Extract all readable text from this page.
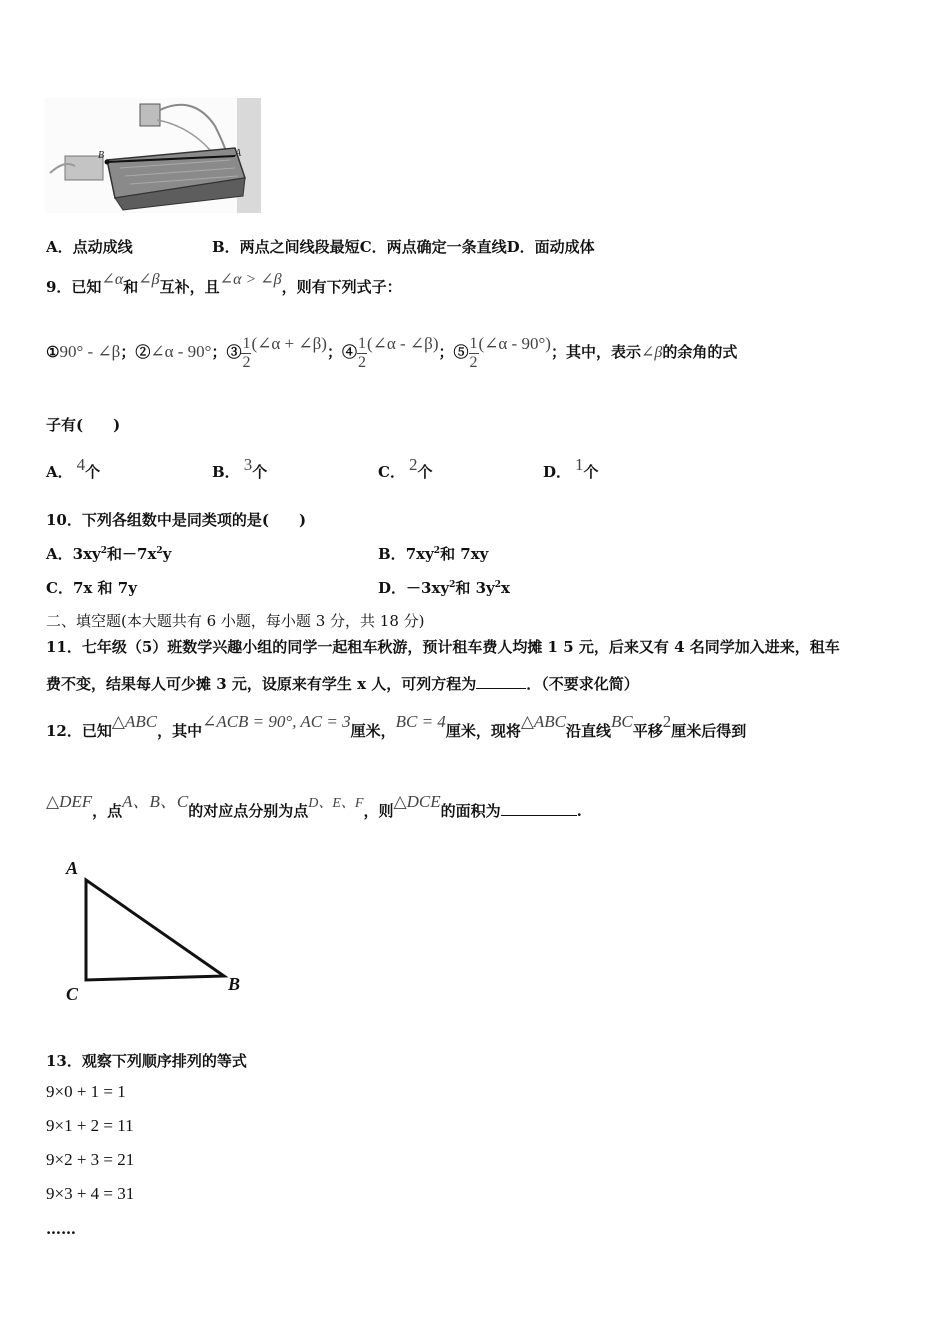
B	A
A．点动成线	B．两点之间线段最短C．两点确定一条直线D．面动成体
9．已知∠α和∠β互补，且∠α > ∠β，则有下列式子：
①90° - ∠β；②∠α - 90°；③ $\frac{1}{2}$ (∠α + ∠β)；④ $\frac{1}{2}$ (∠α - ∠β)；⑤ $\frac{1}{2}$ (∠α - 90°)；其中，表示∠β的余角的式
子有(　　)
A． 4个	B． 3个	C． 2个	D． 1个
10．下列各组数中是同类项的是(　　)
A．$3xy^2$和$-7x^2y$	B．$7xy^2$和 7xy
C．7x 和 7y	D．$-3xy^2$和 $3y^2x$
二、填空题(本大题共有 6 小题，每小题 3 分，共 18 分)
11．七年级（5）班数学兴趣小组的同学一起租车秋游，预计租车费人均摊 1 5 元，后来又有 4 名同学加入进来，租车
费不变，结果每人可少摊 3 元，设原来有学生 x 人，可列方程为	．（不要求化简）
12．已知△ABC，其中∠ACB = 90°, AC = 3厘米，BC = 4厘米，现将△ABC沿直线BC平移2厘米后得到
△DEF，点A、B、C的对应点分别为点D、E、F，则△DCE的面积为	.
A
C	B
13．观察下列顺序排列的等式
9×0 + 1 = 1
9×1 + 2 = 11
9×2 + 3 = 21
9×3 + 4 = 31
……
